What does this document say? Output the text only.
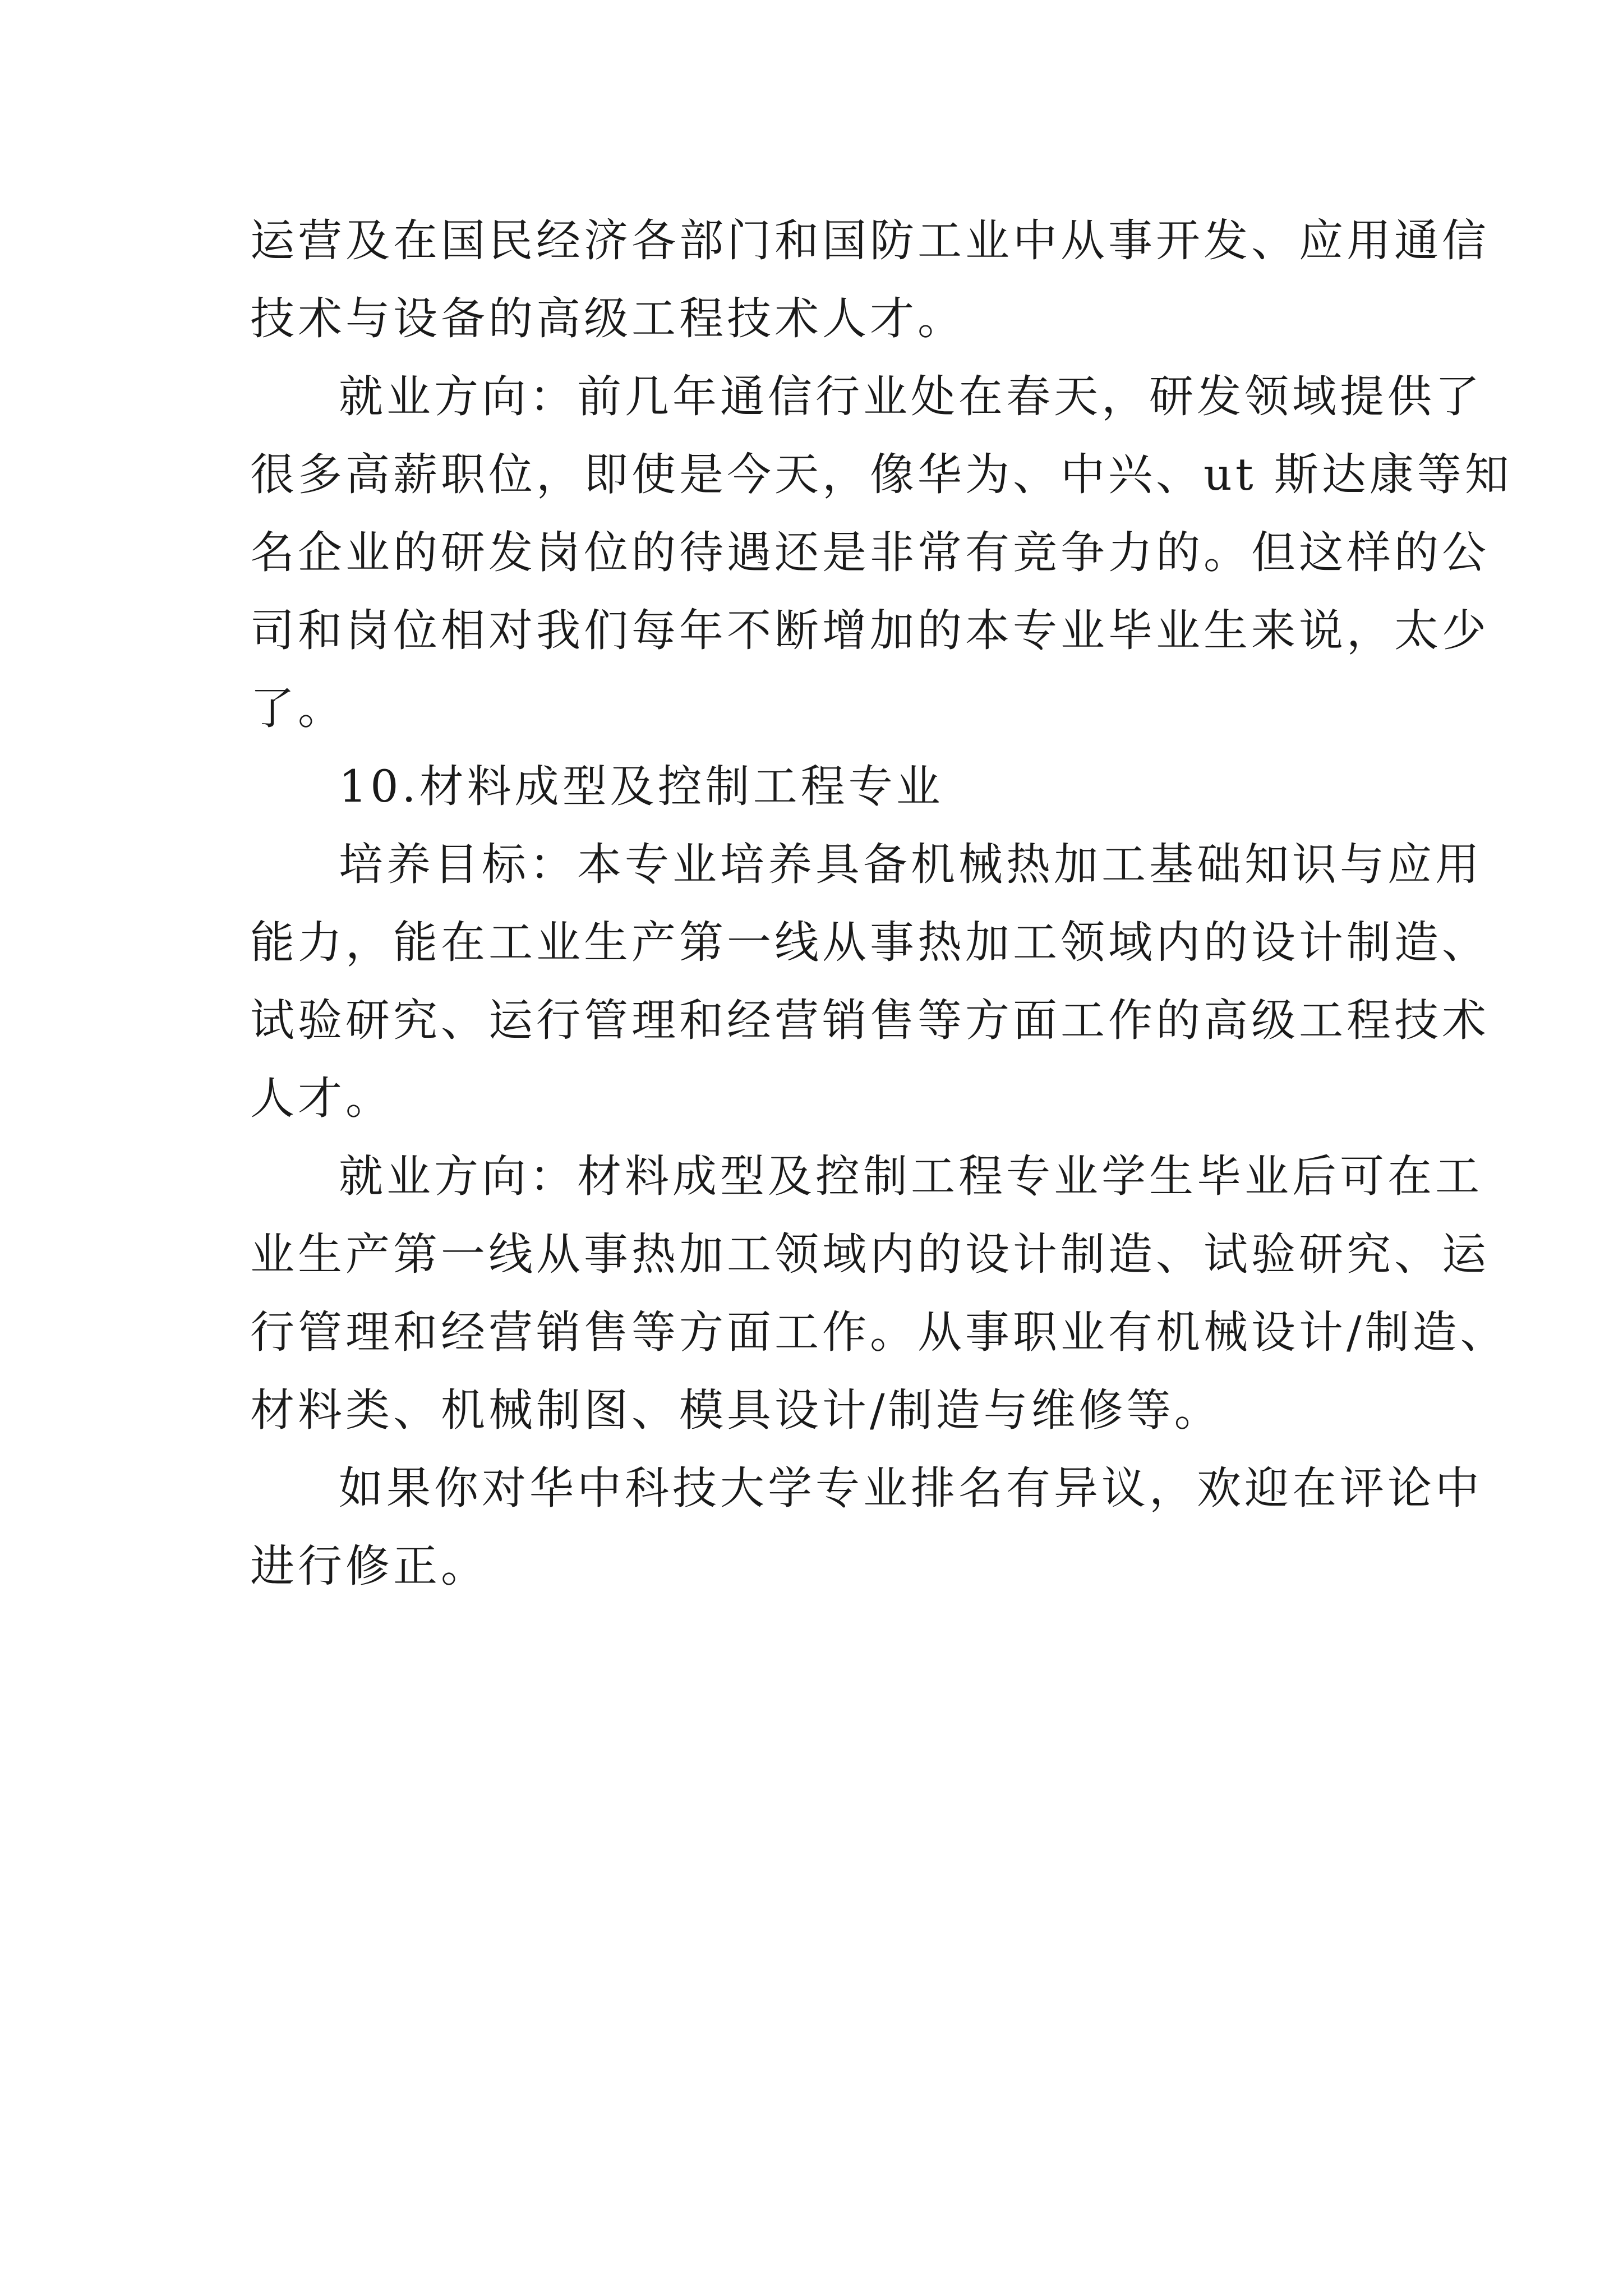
运营及在国民经济各部门和国防工业中从事开发、应用通信
技术与设备的高级工程技术人才。
就业方向：前几年通信行业处在春天，研发领域提供了
很多高薪职位，即使是今天，像华为、中兴、ut 斯达康等知
名企业的研发岗位的待遇还是非常有竞争力的。但这样的公
司和岗位相对我们每年不断增加的本专业毕业生来说，太少
了。
10.材料成型及控制工程专业
培养目标：本专业培养具备机械热加工基础知识与应用
能力，能在工业生产第一线从事热加工领域内的设计制造、
试验研究、运行管理和经营销售等方面工作的高级工程技术
人才。
就业方向：材料成型及控制工程专业学生毕业后可在工
业生产第一线从事热加工领域内的设计制造、试验研究、运
行管理和经营销售等方面工作。从事职业有机械设计/制造、
材料类、机械制图、模具设计/制造与维修等。
如果你对华中科技大学专业排名有异议，欢迎在评论中
进行修正。
